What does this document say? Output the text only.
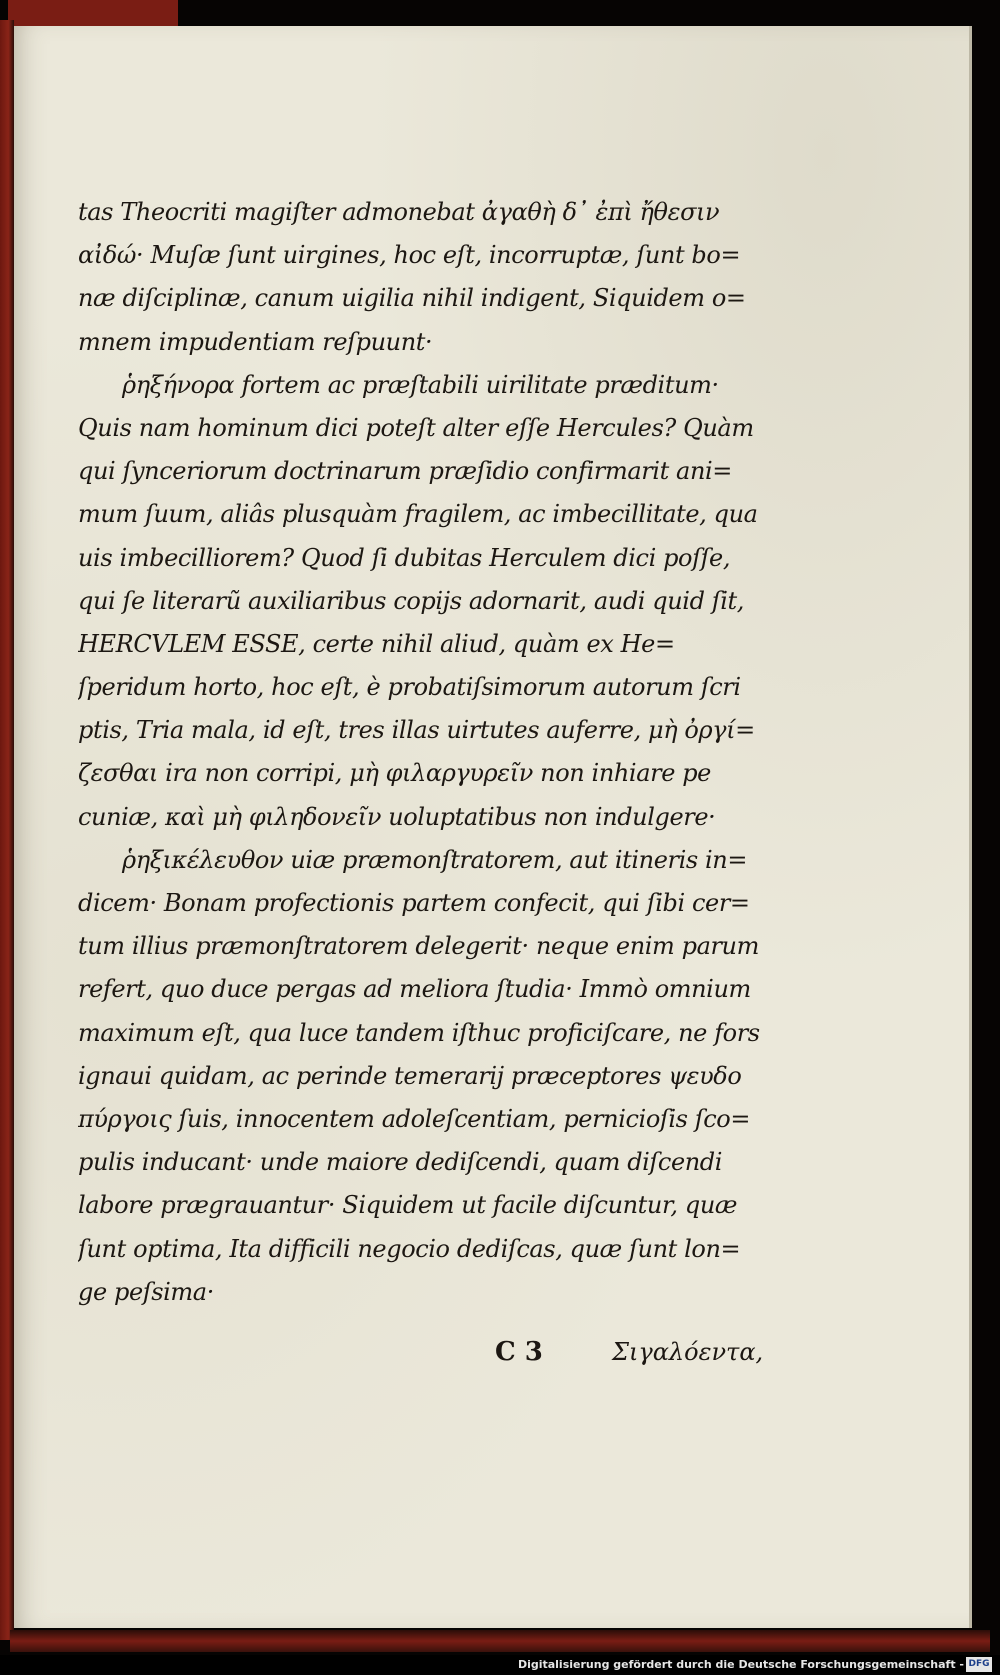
tas Theocriti magiſter admonebat ἀγαθὴ δ᾽ ἐπὶ ἤθεσιν
αἰδώ· Muſæ ſunt uirgines, hoc eſt, incorruptæ, ſunt bo=
næ diſciplinæ, canum uigilia nihil indigent, Siquidem o=
mnem impudentiam reſpuunt·
ῥηξήνορα fortem ac præſtabili uirilitate præditum·
Quis nam hominum dici poteſt alter eſſe Hercules? Quàm
qui ſynceriorum doctrinarum præſidio confirmarit ani=
mum ſuum, aliâs plusquàm fragilem, ac imbecillitate, qua
uis imbecilliorem? Quod ſi dubitas Herculem dici poſſe,
qui ſe literarũ auxiliaribus copijs adornarit, audi quid ſit,
HERCVLEM ESSE, certe nihil aliud, quàm ex He=
ſperidum horto, hoc eſt, è probatiſsimorum autorum ſcri
ptis, Tria mala, id eſt, tres illas uirtutes auferre, μὴ ὀργί=
ζεσθαι ira non corripi, μὴ φιλαργυρεῖν non inhiare pe
cuniæ, καὶ μὴ φιληδονεῖν uoluptatibus non indulgere·
ῥηξικέλευθον uiæ præmonſtratorem, aut itineris in=
dicem· Bonam profectionis partem confecit, qui ſibi cer=
tum illius præmonſtratorem delegerit· neque enim parum
refert, quo duce pergas ad meliora ſtudia· Immò omnium
maximum eſt, qua luce tandem iſthuc proficiſcare, ne fors
ignaui quidam, ac perinde temerarij præceptores ψευδο
πύργοις ſuis, innocentem adoleſcentiam, pernicioſis ſco=
pulis inducant· unde maiore dediſcendi, quam diſcendi
labore prægrauantur· Siquidem ut facile diſcuntur, quæ
ſunt optima, Ita difficili negocio dediſcas, quæ ſunt lon=
ge peſsima·
C 3	Σιγαλόεντα,
Digitalisierung gefördert durch die Deutsche Forschungsgemeinschaft - DFG
